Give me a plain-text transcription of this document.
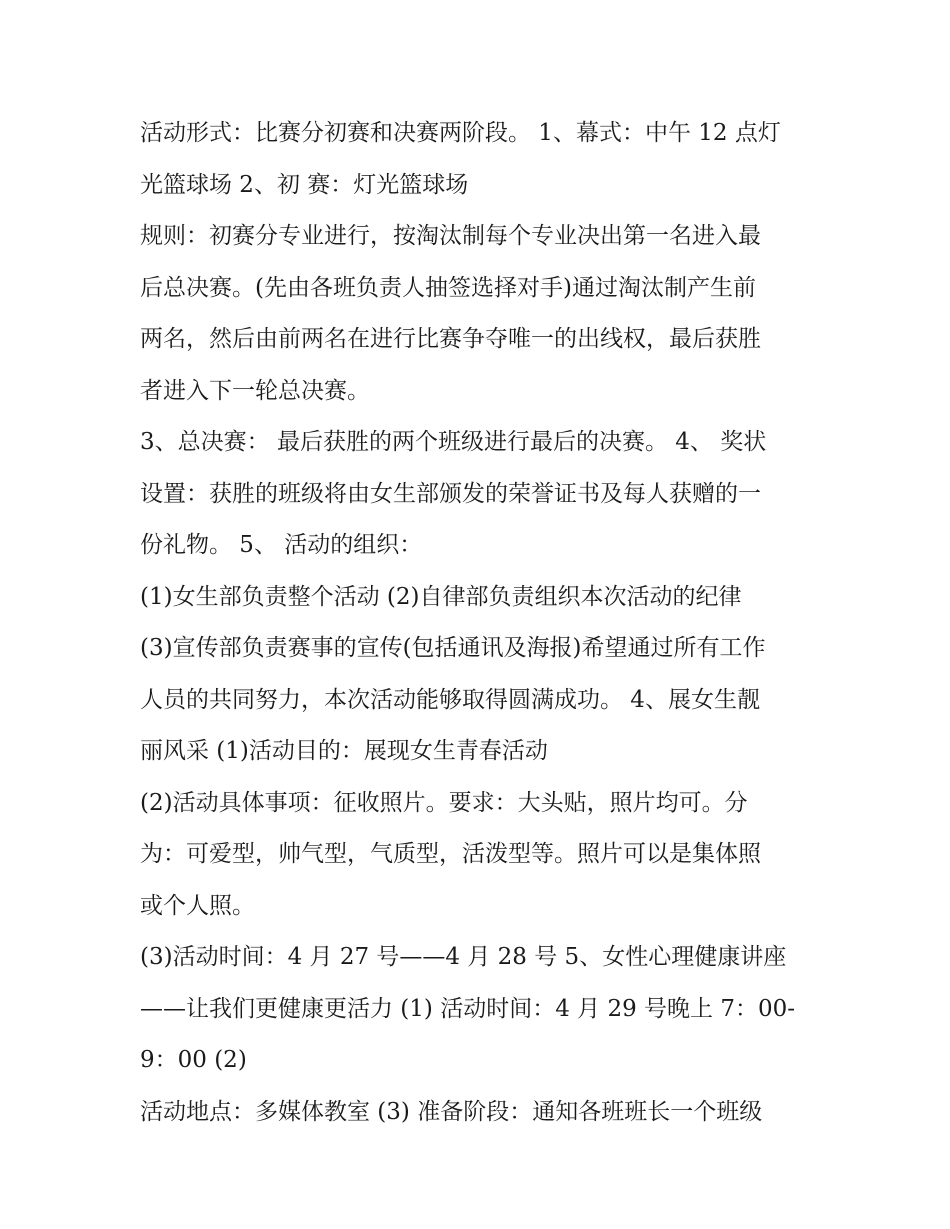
活动形式：比赛分初赛和决赛两阶段。 1、幕式：中午 12 点灯
光篮球场 2、初 赛：灯光篮球场
规则：初赛分专业进行，按淘汰制每个专业决出第一名进入最
后总决赛。(先由各班负责人抽签选择对手)通过淘汰制产生前
两名，然后由前两名在进行比赛争夺唯一的出线权，最后获胜
者进入下一轮总决赛。
3、总决赛： 最后获胜的两个班级进行最后的决赛。 4、 奖状
设置：获胜的班级将由女生部颁发的荣誉证书及每人获赠的一
份礼物。 5、 活动的组织：
(1)女生部负责整个活动 (2)自律部负责组织本次活动的纪律
(3)宣传部负责赛事的宣传(包括通讯及海报)希望通过所有工作
人员的共同努力，本次活动能够取得圆满成功。 4、展女生靓
丽风采 (1)活动目的：展现女生青春活动
(2)活动具体事项：征收照片。要求：大头贴，照片均可。分
为：可爱型，帅气型，气质型，活泼型等。照片可以是集体照
或个人照。
(3)活动时间：4 月 27 号——4 月 28 号 5、女性心理健康讲座
——让我们更健康更活力 (1) 活动时间：4 月 29 号晚上 7：00-
9：00 (2)
活动地点：多媒体教室 (3) 准备阶段：通知各班班长一个班级
